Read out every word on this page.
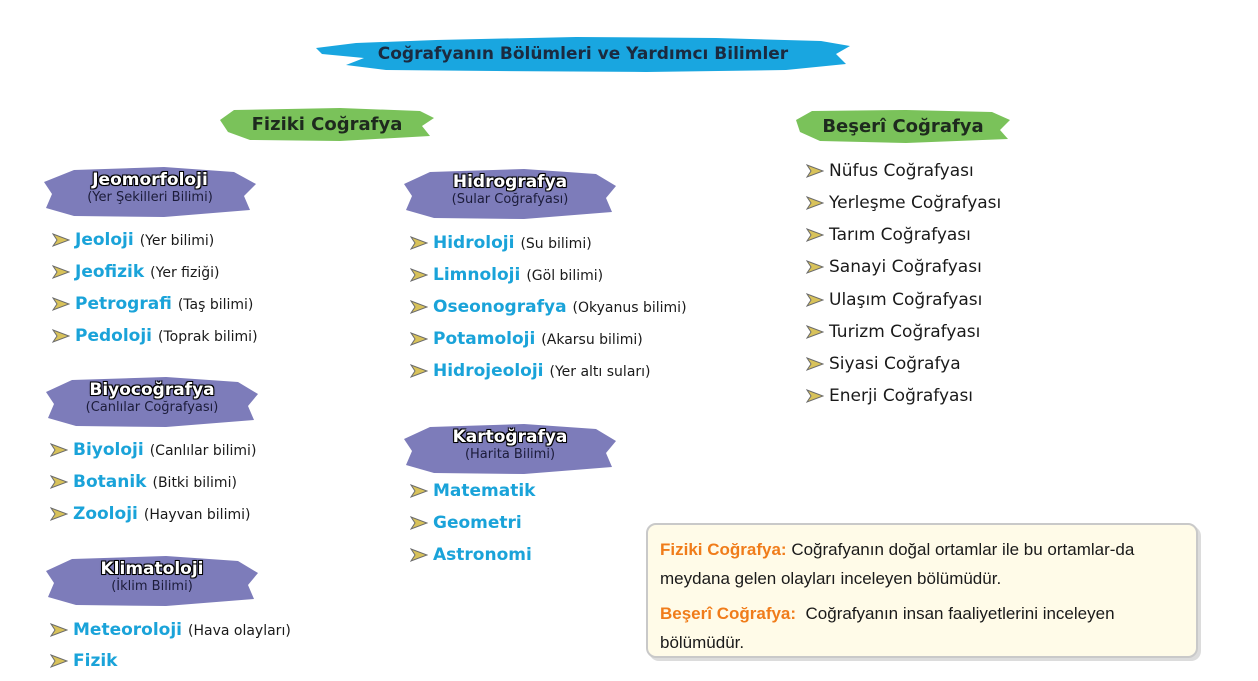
Coğrafyanın Bölümleri ve Yardımcı Bilimler
Fiziki Coğrafya	Beşerî Coğrafya
Jeomorfoloji
(Yer Şekilleri Bilimi)
Biyocoğrafya
(Canlılar Coğrafyası)
Klimatoloji
(İklim Bilimi)
Hidrografya
(Sular Coğrafyası)
Kartoğrafya
(Harita Bilimi)
Jeoloji (Yer bilimi)
Jeofizik (Yer fiziği)
Petrografi (Taş bilimi)
Pedoloji (Toprak bilimi)
Biyoloji (Canlılar bilimi)
Botanik (Bitki bilimi)
Zooloji (Hayvan bilimi)
Meteoroloji (Hava olayları)
Fizik
Hidroloji (Su bilimi)
Limnoloji (Göl bilimi)
Oseonografya (Okyanus bilimi)
Potamoloji (Akarsu bilimi)
Hidrojeoloji (Yer altı suları)
Matematik
Geometri
Astronomi
Nüfus Coğrafyası
Yerleşme Coğrafyası
Tarım Coğrafyası
Sanayi Coğrafyası
Ulaşım Coğrafyası
Turizm Coğrafyası
Siyasi Coğrafya
Enerji Coğrafyası
Fiziki Coğrafya: Coğrafyanın doğal ortamlar ile bu ortamlar-da meydana gelen olayları inceleyen bölümüdür.
Beşerî Coğrafya:  Coğrafyanın insan faaliyetlerini inceleyen bölümüdür.
